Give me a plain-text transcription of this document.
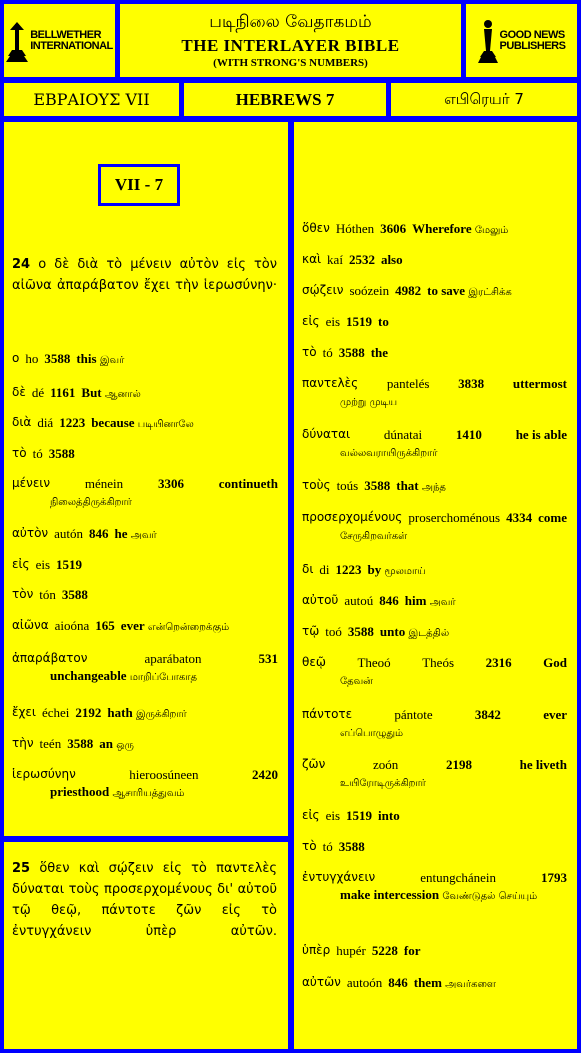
BELLWETHER
INTERNATIONAL
படிநிலை வேதாகமம்
THE INTERLAYER BIBLE
(WITH STRONG'S NUMBERS)
GOOD NEWS
PUBLISHERS
ΕΒΡΑΙΟΥΣ VII	HEBREWS 7	எபிரெயர் 7
VII - 7
24 ο δὲ διὰ τὸ μένειν αὐτὸν εἰς τὸν αἰῶνα ἀπαράβατον ἔχει τὴν ἱερωσύνην·
ο ho 3588 this இவர்
δὲ dé 1161 But ஆனால்
διὰ diá 1223 because படியினாலே
τὸ tó 3588
μένειν	ménein	3306	continueth
நிலைத்திருக்கிறார்
αὐτὸν autón 846 he அவர்
εἰς eis 1519
τὸν tón 3588
αἰῶνα aioóna 165 ever என்றென்றைக்கும்
ἀπαράβατον	aparábaton	531
unchangeable மாறிப்போகாத
ἔχει échei 2192 hath இருக்கிறார்
τὴν teén 3588 an ஒரு
ἱερωσύνην	hieroosúneen	2420
priesthood ஆசாரியத்துவம்
25 ὅθεν καὶ σῴζειν εἰς τὸ παντελὲς δύναται τοὺς προσερχομένους δι' αὐτοῦ τῷ θεῷ, πάντοτε ζῶν εἰς τὸ ἐντυγχάνειν ὑπὲρ αὐτῶν.
ὅθεν Hóthen 3606 Wherefore மேலும்
καὶ kaí 2532 also
σῴζειν soózein 4982 to save இரட்சிக்க
εἰς eis 1519 to
τὸ tó 3588 the
παντελὲς pantelés 3838 uttermost
முற்று முடிய
δύναται	dúnatai	1410	he is able
வல்லவராயிருக்கிறார்
τοὺς toús 3588 that அந்த
προσερχομένους proserchoménous 4334 come
சேருகிறவர்கள்
δι di 1223 by மூலமாய்
αὐτοῦ autoú 846 him அவர்
τῷ toó 3588 unto இடத்தில்
θεῷ Theoó Theós 2316 God
தேவன்
πάντοτε	pántote	3842	ever
எப்பொழுதும்
ζῶν	zoón	2198	he liveth
உயிரோடிருக்கிறார்
εἰς eis 1519 into
τὸ tó 3588
ἐντυγχάνειν	entungchánein	1793
make intercession வேண்டுதல் செய்யும்
ὑπὲρ hupér 5228 for
αὐτῶν autoón 846 them அவர்களை
